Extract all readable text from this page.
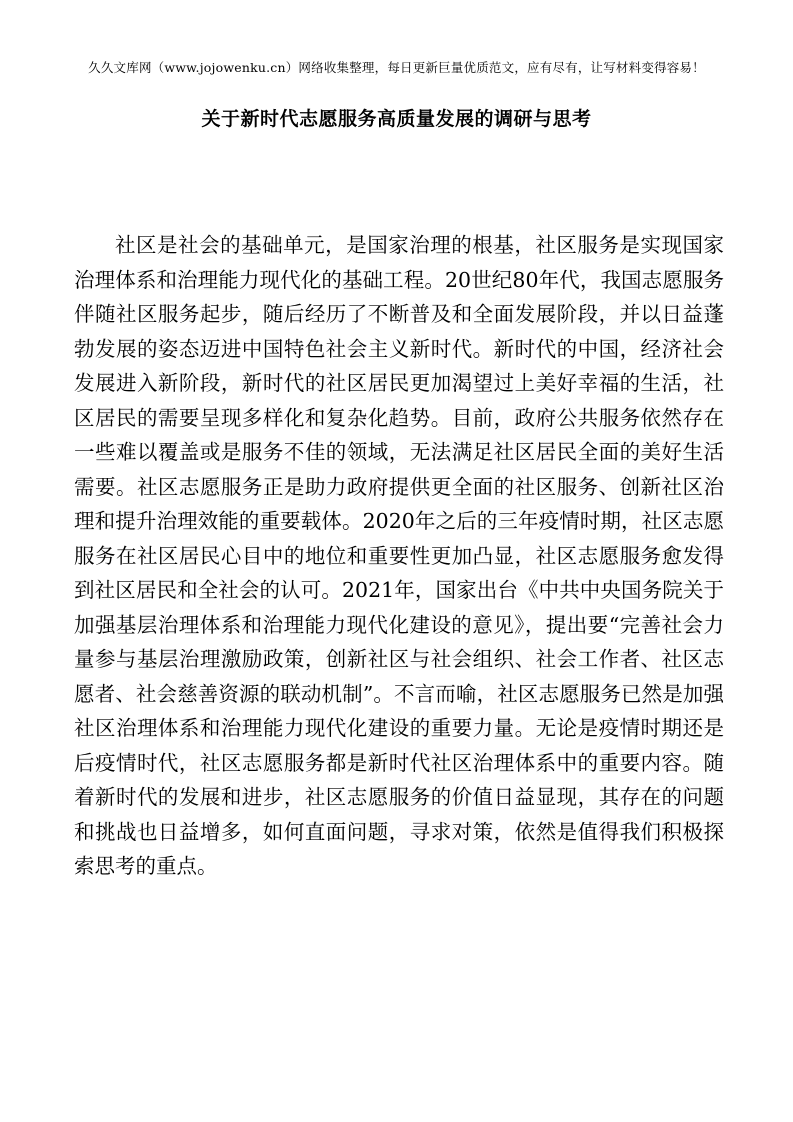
久久文库网（www.jojowenku.cn）网络收集整理，每日更新巨量优质范文，应有尽有，让写材料变得容易！
关于新时代志愿服务高质量发展的调研与思考

社区是社会的基础单元，是国家治理的根基，社区服务是实现国家治理体系和治理能力现代化的基础工程。20世纪80年代，我国志愿服务伴随社区服务起步，随后经历了不断普及和全面发展阶段，并以日益蓬勃发展的姿态迈进中国特色社会主义新时代。新时代的中国，经济社会发展进入新阶段，新时代的社区居民更加渴望过上美好幸福的生活，社区居民的需要呈现多样化和复杂化趋势。目前，政府公共服务依然存在一些难以覆盖或是服务不佳的领域，无法满足社区居民全面的美好生活需要。社区志愿服务正是助力政府提供更全面的社区服务、创新社区治理和提升治理效能的重要载体。2020年之后的三年疫情时期，社区志愿服务在社区居民心目中的地位和重要性更加凸显，社区志愿服务愈发得到社区居民和全社会的认可。2021年，国家出台《中共中央国务院关于加强基层治理体系和治理能力现代化建设的意见》，提出要“完善社会力量参与基层治理激励政策，创新社区与社会组织、社会工作者、社区志愿者、社会慈善资源的联动机制”。不言而喻，社区志愿服务已然是加强社区治理体系和治理能力现代化建设的重要力量。无论是疫情时期还是后疫情时代，社区志愿服务都是新时代社区治理体系中的重要内容。随着新时代的发展和进步，社区志愿服务的价值日益显现，其存在的问题和挑战也日益增多，如何直面问题，寻求对策，依然是值得我们积极探索思考的重点。
